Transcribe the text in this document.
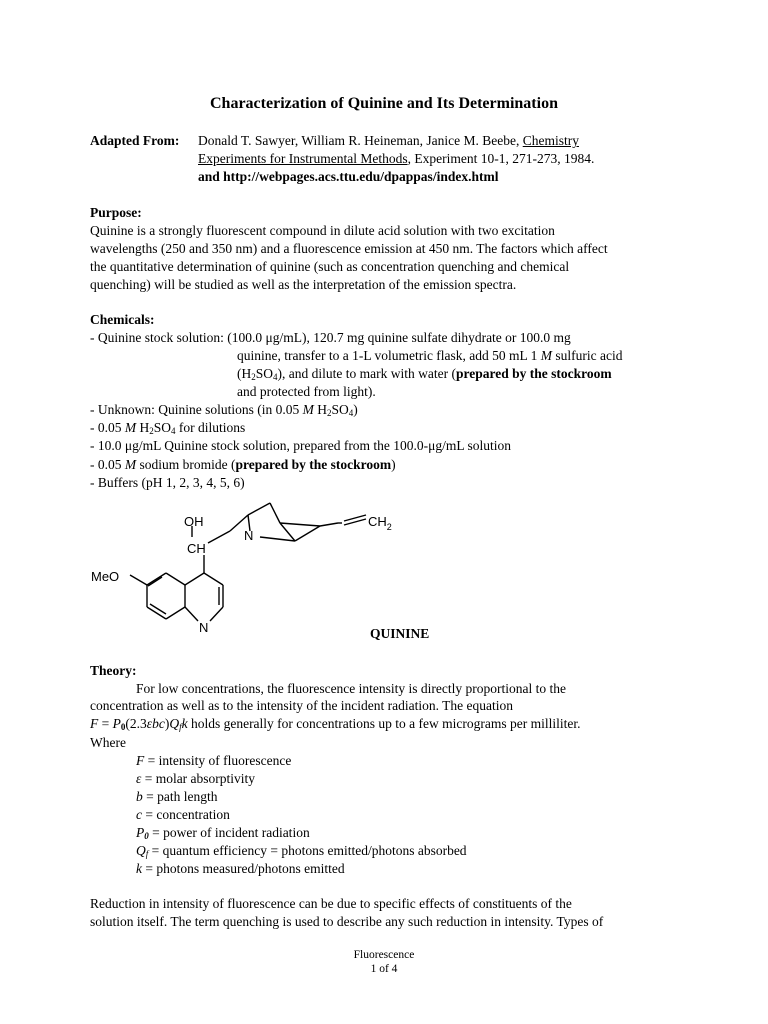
Characterization of Quinine and Its Determination
Adapted From: Donald T. Sawyer, William R. Heineman, Janice M. Beebe, Chemistry
Experiments for Instrumental Methods, Experiment 10-1, 271-273, 1984.
and http://webpages.acs.ttu.edu/dpappas/index.html
Purpose:
Quinine is a strongly fluorescent compound in dilute acid solution with two excitation
wavelengths (250 and 350 nm) and a fluorescence emission at 450 nm. The factors which affect
the quantitative determination of quinine (such as concentration quenching and chemical
quenching) will be studied as well as the interpretation of the emission spectra.
Chemicals:
- Quinine stock solution: (100.0 μg/mL), 120.7 mg quinine sulfate dihydrate or 100.0 mg
quinine, transfer to a 1-L volumetric flask, add 50 mL 1 M sulfuric acid
$(H_2SO_4)$, and dilute to mark with water (prepared by the stockroom
and protected from light).
- Unknown: Quinine solutions (in 0.05 M $H_2SO_4$)
- 0.05 M $H_2SO_4$ for dilutions
- 10.0 μg/mL Quinine stock solution, prepared from the 100.0-μg/mL solution
- 0.05 M sodium bromide (prepared by the stockroom)
- Buffers (pH 1, 2, 3, 4, 5, 6)
OH
CH
N
$CH_2$
MeO
N	QUININE
Theory:
For low concentrations, the fluorescence intensity is directly proportional to the
concentration as well as to the intensity of the incident radiation. The equation
$F = P_0(2.3\varepsilon bc)Q_fk$ holds generally for concentrations up to a few micrograms per milliliter.
Where
F = intensity of fluorescence
ε = molar absorptivity
b = path length
c = concentration
$P_0$ = power of incident radiation
$Q_f$ = quantum efficiency = photons emitted/photons absorbed
k = photons measured/photons emitted
Reduction in intensity of fluorescence can be due to specific effects of constituents of the
solution itself. The term quenching is used to describe any such reduction in intensity. Types of
Fluorescence
1 of 4
